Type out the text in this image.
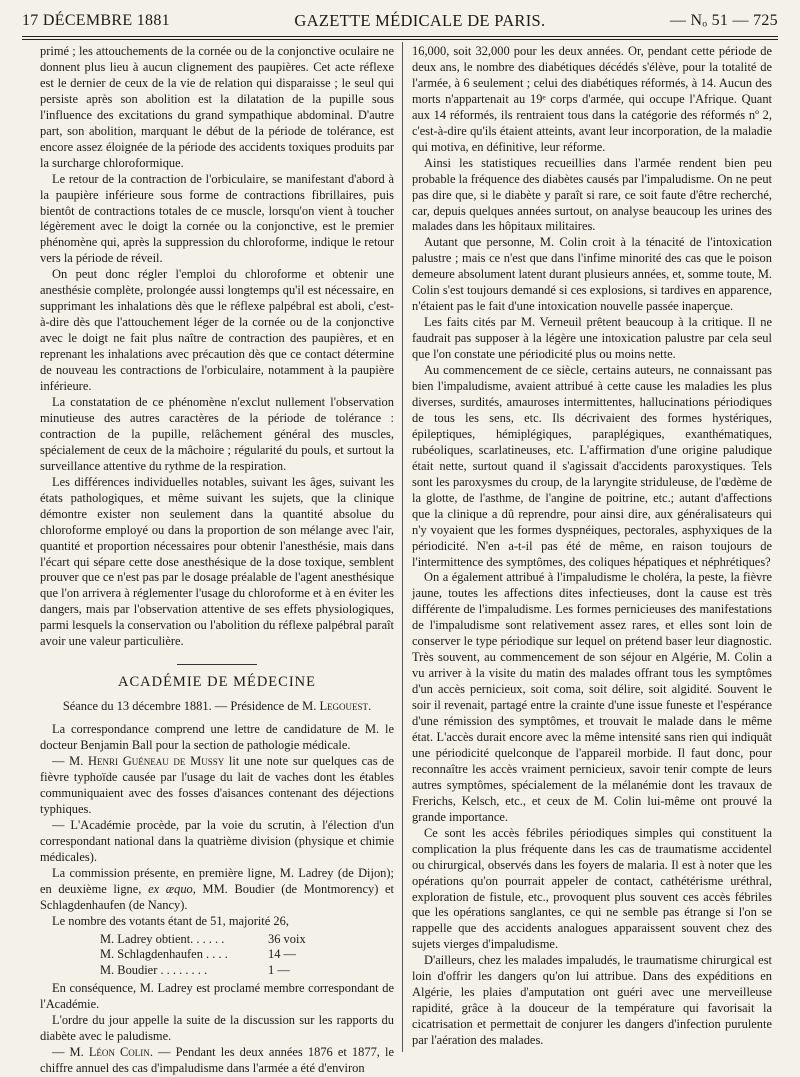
17 DÉCEMBRE 1881	GAZETTE MÉDICALE DE PARIS.	— Nₒ 51 — 725

primé ; les attouchements de la cornée ou de la conjonctive oculaire ne donnent plus lieu à aucun clignement des paupières. Cet acte réflexe est le dernier de ceux de la vie de relation qui disparaisse ; le seul qui persiste après son abolition est la dilatation de la pupille sous l'influence des excitations du grand sympathique abdominal. D'autre part, son abolition, marquant le début de la période de tolérance, est encore assez éloignée de la période des accidents toxiques produits par la surcharge chloroformique.

Le retour de la contraction de l'orbiculaire, se manifestant d'abord à la paupière inférieure sous forme de contractions fibrillaires, puis bientôt de contractions totales de ce muscle, lorsqu'on vient à toucher légèrement avec le doigt la cornée ou la conjonctive, est le premier phénomène qui, après la suppression du chloroforme, indique le retour vers la période de réveil.

On peut donc régler l'emploi du chloroforme et obtenir une anesthésie complète, prolongée aussi longtemps qu'il est nécessaire, en supprimant les inhalations dès que le réflexe palpébral est aboli, c'est-à-dire dès que l'attouchement léger de la cornée ou de la conjonctive avec le doigt ne fait plus naître de contraction des paupières, et en reprenant les inhalations avec précaution dès que ce contact détermine de nouveau les contractions de l'orbiculaire, notamment à la paupière inférieure.

La constatation de ce phénomène n'exclut nullement l'observation minutieuse des autres caractères de la période de tolérance : contraction de la pupille, relâchement général des muscles, spécialement de ceux de la mâchoire ; régularité du pouls, et surtout la surveillance attentive du rythme de la respiration.

Les différences individuelles notables, suivant les âges, suivant les états pathologiques, et même suivant les sujets, que la clinique démontre exister non seulement dans la quantité absolue du chloroforme employé ou dans la proportion de son mélange avec l'air, quantité et proportion nécessaires pour obtenir l'anesthésie, mais dans l'écart qui sépare cette dose anesthésique de la dose toxique, semblent prouver que ce n'est pas par le dosage préalable de l'agent anesthésique que l'on arrivera à réglementer l'usage du chloroforme et à en éviter les dangers, mais par l'observation attentive de ses effets physiologiques, parmi lesquels la conservation ou l'abolition du réflexe palpébral paraît avoir une valeur particulière.

ACADÉMIE DE MÉDECINE

Séance du 13 décembre 1881. — Présidence de M. Legouest.

La correspondance comprend une lettre de candidature de M. le docteur Benjamin Ball pour la section de pathologie médicale.

— M. Henri Guéneau de Mussy lit une note sur quelques cas de fièvre typhoïde causée par l'usage du lait de vaches dont les étables communiquaient avec des fosses d'aisances contenant des déjections typhiques.

— L'Académie procède, par la voie du scrutin, à l'élection d'un correspondant national dans la quatrième division (physique et chimie médicales).

La commission présente, en première ligne, M. Ladrey (de Dijon); en deuxième ligne, ex æquo, MM. Boudier (de Montmorency) et Schlagdenhaufen (de Nancy).

Le nombre des votants étant de 51, majorité 26,

M. Ladrey obtient. . . . . .	36 voix
M. Schlagdenhaufen . . . .	14 —
M. Boudier . . . . . . . .	1 —

En conséquence, M. Ladrey est proclamé membre correspondant de l'Académie.

L'ordre du jour appelle la suite de la discussion sur les rapports du diabète avec le paludisme.

— M. Léon Colin. — Pendant les deux années 1876 et 1877, le chiffre annuel des cas d'impaludisme dans l'armée a été d'environ

16,000, soit 32,000 pour les deux années. Or, pendant cette période de deux ans, le nombre des diabétiques décédés s'élève, pour la totalité de l'armée, à 6 seulement ; celui des diabétiques réformés, à 14. Aucun des morts n'appartenait au 19ᵉ corps d'armée, qui occupe l'Afrique. Quant aux 14 réformés, ils rentraient tous dans la catégorie des réformés nº 2, c'est-à-dire qu'ils étaient atteints, avant leur incorporation, de la maladie qui motiva, en définitive, leur réforme.

Ainsi les statistiques recueillies dans l'armée rendent bien peu probable la fréquence des diabètes causés par l'impaludisme. On ne peut pas dire que, si le diabète y paraît si rare, ce soit faute d'être recherché, car, depuis quelques années surtout, on analyse beaucoup les urines des malades dans les hôpitaux militaires.

Autant que personne, M. Colin croit à la ténacité de l'intoxication palustre ; mais ce n'est que dans l'infime minorité des cas que le poison demeure absolument latent durant plusieurs années, et, somme toute, M. Colin s'est toujours demandé si ces explosions, si tardives en apparence, n'étaient pas le fait d'une intoxication nouvelle passée inaperçue.

Les faits cités par M. Verneuil prêtent beaucoup à la critique. Il ne faudrait pas supposer à la légère une intoxication palustre par cela seul que l'on constate une périodicité plus ou moins nette.

Au commencement de ce siècle, certains auteurs, ne connaissant pas bien l'impaludisme, avaient attribué à cette cause les maladies les plus diverses, surdités, amauroses intermittentes, hallucinations périodiques de tous les sens, etc. Ils décrivaient des formes hystériques, épileptiques, hémiplégiques, paraplégiques, exanthématiques, rubéoliques, scarlatineuses, etc. L'affirmation d'une origine paludique était nette, surtout quand il s'agissait d'accidents paroxystiques. Tels sont les paroxysmes du croup, de la laryngite striduleuse, de l'œdème de la glotte, de l'asthme, de l'angine de poitrine, etc.; autant d'affections que la clinique a dû reprendre, pour ainsi dire, aux généralisateurs qui n'y voyaient que les formes dyspnéiques, pectorales, asphyxiques de la périodicité. N'en a-t-il pas été de même, en raison toujours de l'intermittence des symptômes, des coliques hépatiques et néphrétiques?

On a également attribué à l'impaludisme le choléra, la peste, la fièvre jaune, toutes les affections dites infectieuses, dont la cause est très différente de l'impaludisme. Les formes pernicieuses des manifestations de l'impaludisme sont relativement assez rares, et elles sont loin de conserver le type périodique sur lequel on prétend baser leur diagnostic. Très souvent, au commencement de son séjour en Algérie, M. Colin a vu arriver à la visite du matin des malades offrant tous les symptômes d'un accès pernicieux, soit coma, soit délire, soit algidité. Souvent le soir il revenait, partagé entre la crainte d'une issue funeste et l'espérance d'une rémission des symptômes, et trouvait le malade dans le même état. L'accès durait encore avec la même intensité sans rien qui indiquât une périodicité quelconque de l'appareil morbide. Il faut donc, pour reconnaître les accès vraiment pernicieux, savoir tenir compte de leurs autres symptômes, spécialement de la mélanémie dont les travaux de Frerichs, Kelsch, etc., et ceux de M. Colin lui-même ont prouvé la grande importance.

Ce sont les accès fébriles périodiques simples qui constituent la complication la plus fréquente dans les cas de traumatisme accidentel ou chirurgical, observés dans les foyers de malaria. Il est à noter que les opérations qu'on pourrait appeler de contact, cathétérisme uréthral, exploration de fistule, etc., provoquent plus souvent ces accès fébriles que les opérations sanglantes, ce qui ne semble pas étrange si l'on se rappelle que des accidents analogues apparaissent souvent chez des sujets vierges d'impaludisme.

D'ailleurs, chez les malades impaludés, le traumatisme chirurgical est loin d'offrir les dangers qu'on lui attribue. Dans des expéditions en Algérie, les plaies d'amputation ont guéri avec une merveilleuse rapidité, grâce à la douceur de la température qui favorisait la cicatrisation et permettait de conjurer les dangers d'infection purulente par l'aération des malades.
